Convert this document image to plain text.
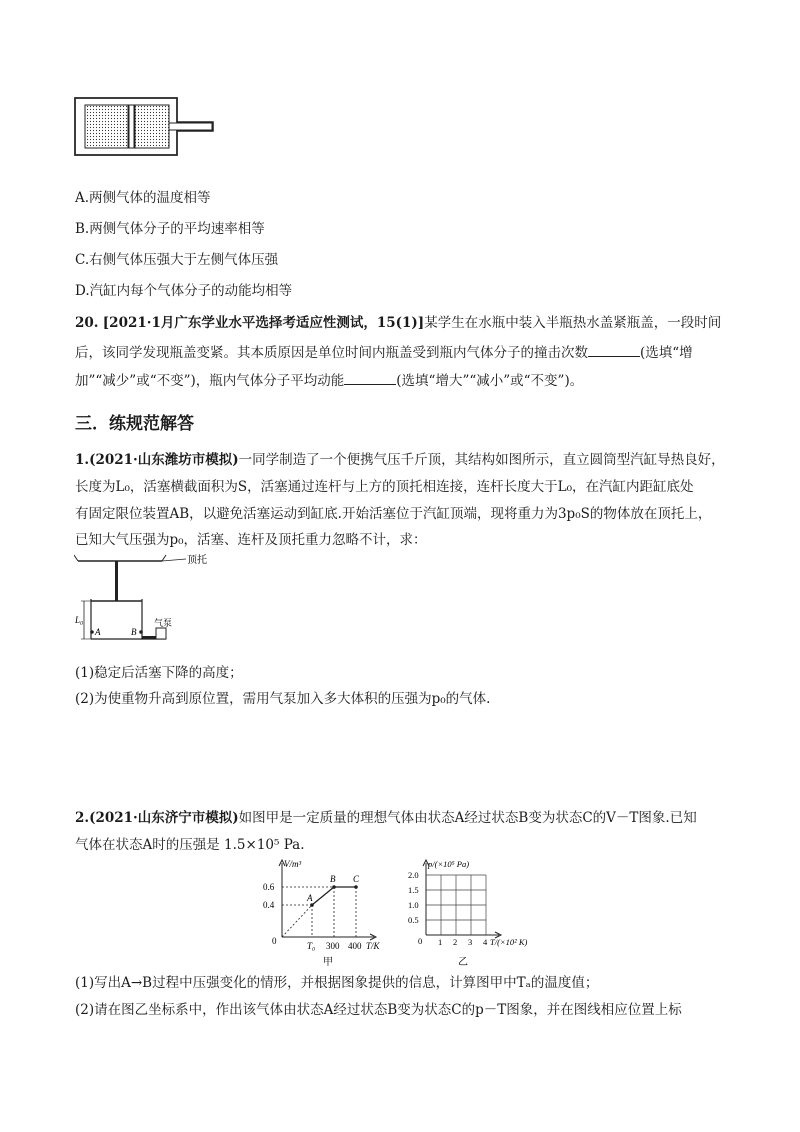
A.两侧气体的温度相等
B.两侧气体分子的平均速率相等
C.右侧气体压强大于左侧气体压强
D.汽缸内每个气体分子的动能均相等
20. [2021·1月广东学业水平选择考适应性测试，15(1)]某学生在水瓶中装入半瓶热水盖紧瓶盖，一段时间
后，该同学发现瓶盖变紧。其本质原因是单位时间内瓶盖受到瓶内气体分子的撞击次数	(选填“增
加”“减少”或“不变”)，瓶内气体分子平均动能	(选填“增大”“减小”或“不变”)。
三．练规范解答
1.(2021·山东潍坊市模拟)一同学制造了一个便携气压千斤顶，其结构如图所示，直立圆筒型汽缸导热良好，
长度为L₀，活塞横截面积为S，活塞通过连杆与上方的顶托相连接，连杆长度大于L₀，在汽缸内距缸底处
有固定限位装置AB，以避免活塞运动到缸底.开始活塞位于汽缸顶端，现将重力为3p₀S的物体放在顶托上，
已知大气压强为p₀，活塞、连杆及顶托重力忽略不计，求：
顶托
L₀
A	B
气泵
(1)稳定后活塞下降的高度；
(2)为使重物升高到原位置，需用气泵加入多大体积的压强为p₀的气体.
2.(2021·山东济宁市模拟)如图甲是一定质量的理想气体由状态A经过状态B变为状态C的V－T图象.已知
气体在状态A时的压强是 1.5×10⁵ Pa.
V/m³
T/K
0
0.6
0.4
A
B C
T₀ 300 400
甲
p/(×10⁵ Pa)
2.0
1.5
1.0
0.5
0 1 2 3 4 T/(×10² K)
乙
(1)写出A→B过程中压强变化的情形，并根据图象提供的信息，计算图甲中Tₐ的温度值；
(2)请在图乙坐标系中，作出该气体由状态A经过状态B变为状态C的p－T图象，并在图线相应位置上标
